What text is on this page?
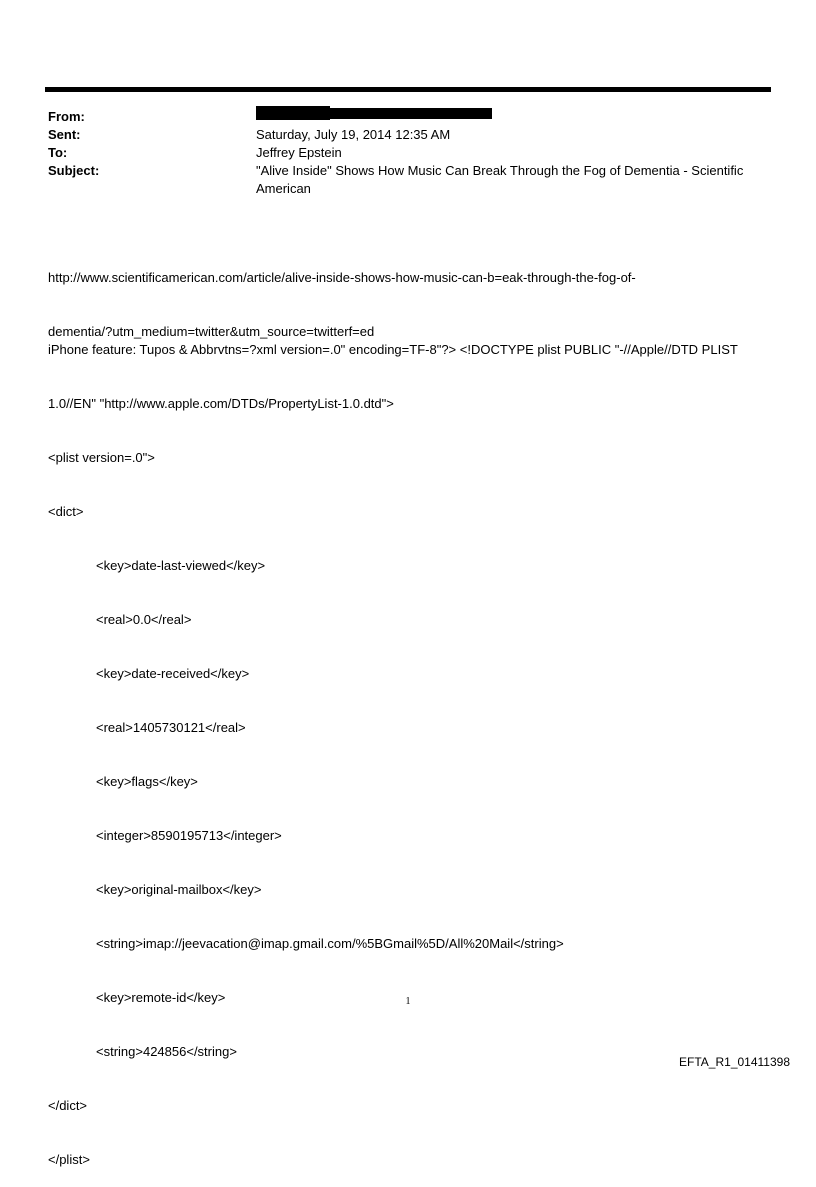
From:
Sent:	Saturday, July 19, 2014 12:35 AM
To:	Jeffrey Epstein
Subject:	"Alive Inside" Shows How Music Can Break Through the Fog of Dementia - Scientific American

http://www.scientificamerican.com/article/alive-inside-shows-how-music-can-b=eak-through-the-fog-of-

dementia/?utm_medium=twitter&utm_source=twitterf=ed

iPhone feature: Tupos & Abbrvtns=?xml version=.0" encoding=TF-8"?> <!DOCTYPE plist PUBLIC "-//Apple//DTD PLIST

1.0//EN" "http://www.apple.com/DTDs/PropertyList-1.0.dtd">

<plist version=.0">

<dict>

<key>date-last-viewed</key>

<real>0.0</real>

<key>date-received</key>

<real>1405730121</real>

<key>flags</key>

<integer>8590195713</integer>

<key>original-mailbox</key>

<string>imap://jeevacation@imap.gmail.com/%5BGmail%5D/All%20Mail</string>

<key>remote-id</key>

<string>424856</string>

</dict>

</plist>

1
EFTA_R1_01411398
